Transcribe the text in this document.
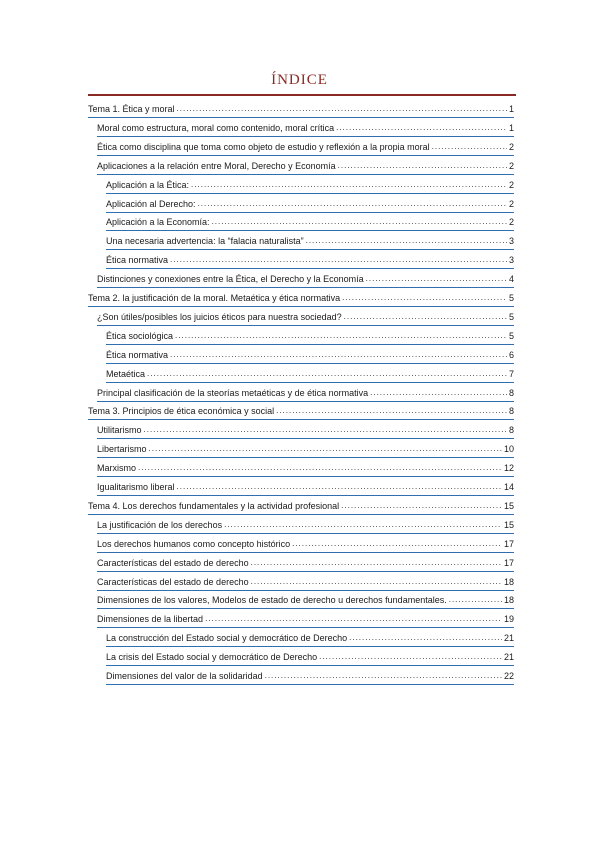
ÍNDICE
Tema 1. Ética y moral .....	1
Moral como estructura, moral como contenido, moral crítica .....	1
Ética como disciplina que toma como objeto de estudio y reflexión a la propia moral .....	2
Aplicaciones a la relación entre Moral, Derecho y Economía .....	2
Aplicación a la Ética: .....	2
Aplicación al Derecho: .....	2
Aplicación a la Economía: .....	2
Una necesaria advertencia: la “falacia naturalista” .....	3
Ética normativa .....	3
Distinciones y conexiones entre la Ética, el Derecho y la Economía .....	4
Tema 2. la justificación de la moral. Metaética y ética normativa .....	5
¿Son útiles/posibles los juicios éticos para nuestra sociedad? .....	5
Ética sociológica .....	5
Ética normativa .....	6
Metaética .....	7
Principal clasificación de la steorías metaéticas y de ética normativa .....	8
Tema 3. Principios de ética económica y social .....	8
Utilitarismo .....	8
Libertarismo .....	10
Marxismo .....	12
Igualitarismo liberal .....	14
Tema 4. Los derechos fundamentales y la actividad profesional .....	15
La justificación de los derechos .....	15
Los derechos humanos como concepto histórico .....	17
Características del estado de derecho .....	17
Características del estado de derecho .....	18
Dimensiones de los valores, Modelos de estado de derecho u derechos fundamentales. .....	18
Dimensiones de la libertad .....	19
La construcción del Estado social y democrático de Derecho .....	21
La crisis del Estado social y democrático de Derecho .....	21
Dimensiones del valor de la solidaridad .....	22
